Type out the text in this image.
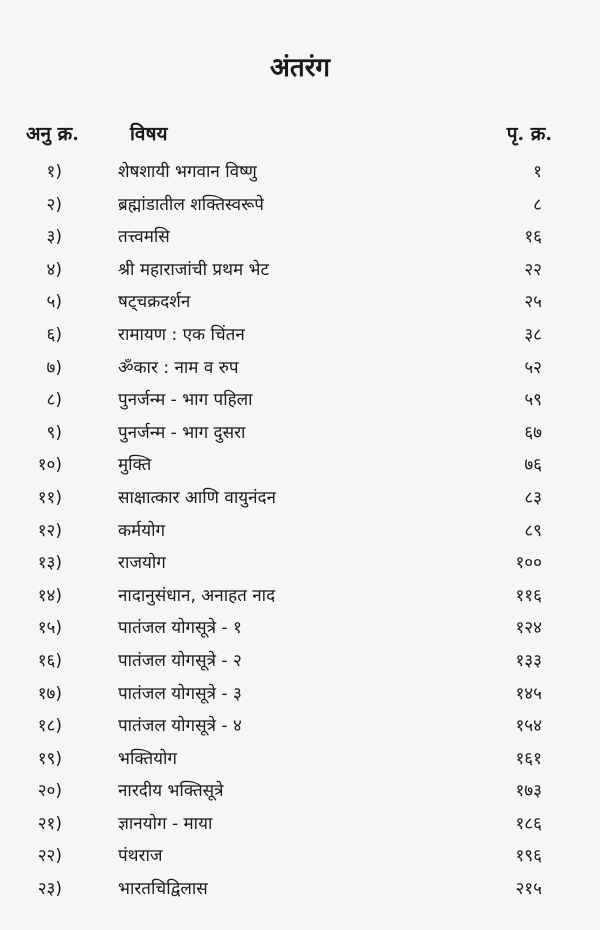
अंतरंग
अनु क्र.	विषय	पृ. क्र.
१)	शेषशायी भगवान विष्णु	१
२)	ब्रह्मांडातील शक्तिस्वरूपे	८
३)	तत्त्वमसि	१६
४)	श्री महाराजांची प्रथम भेट	२२
५)	षट्चक्रदर्शन	२५
६)	रामायण : एक चिंतन	३८
७)	ॐकार : नाम व रुप	५२
८)	पुनर्जन्म - भाग पहिला	५९
९)	पुनर्जन्म - भाग दुसरा	६७
१०)	मुक्ति	७६
११)	साक्षात्कार आणि वायुनंदन	८३
१२)	कर्मयोग	८९
१३)	राजयोग	१००
१४)	नादानुसंधान, अनाहत नाद	११६
१५)	पातंजल योगसूत्रे - १	१२४
१६)	पातंजल योगसूत्रे - २	१३३
१७)	पातंजल योगसूत्रे - ३	१४५
१८)	पातंजल योगसूत्रे - ४	१५४
१९)	भक्तियोग	१६१
२०)	नारदीय भक्तिसूत्रे	१७३
२१)	ज्ञानयोग - माया	१८६
२२)	पंथराज	१९६
२३)	भारतचिद्विलास	२१५
